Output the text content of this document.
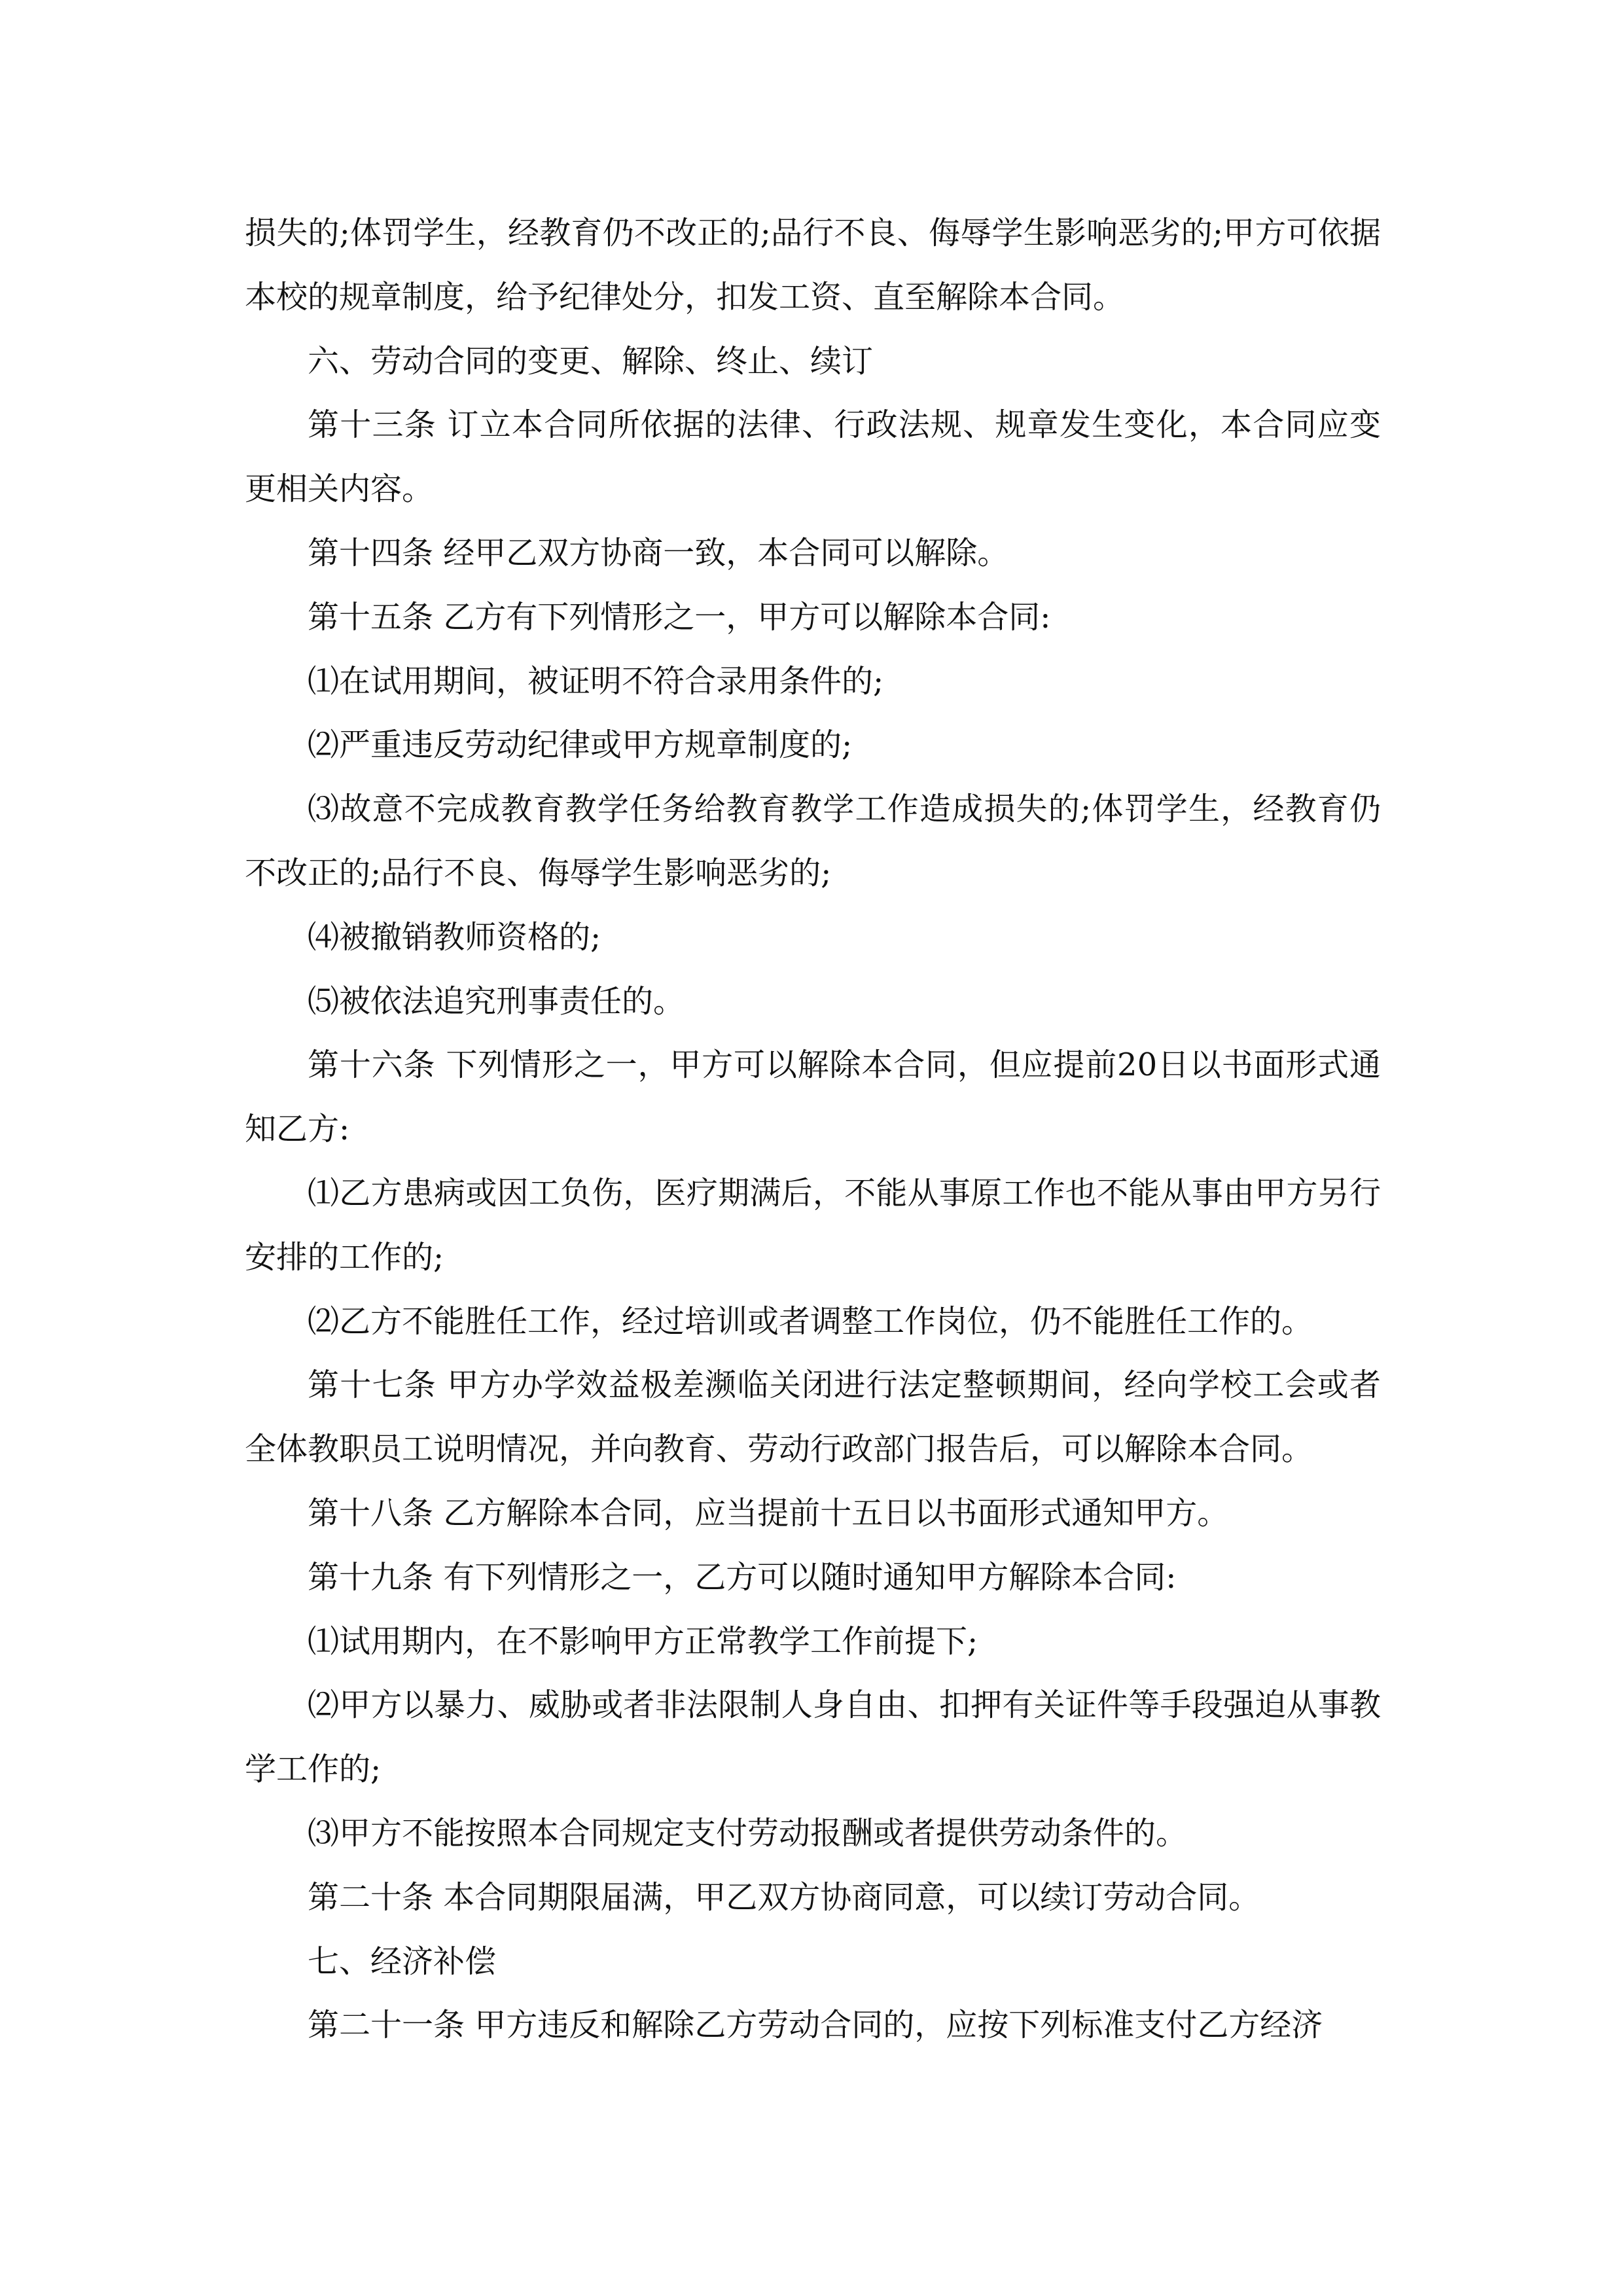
损失的;体罚学生，经教育仍不改正的;品行不良、侮辱学生影响恶劣的;甲方可依据本校的规章制度，给予纪律处分，扣发工资、直至解除本合同。

六、劳动合同的变更、解除、终止、续订

第十三条 订立本合同所依据的法律、行政法规、规章发生变化，本合同应变更相关内容。

第十四条 经甲乙双方协商一致，本合同可以解除。

第十五条 乙方有下列情形之一，甲方可以解除本合同:

⑴在试用期间，被证明不符合录用条件的;

⑵严重违反劳动纪律或甲方规章制度的;

⑶故意不完成教育教学任务给教育教学工作造成损失的;体罚学生，经教育仍不改正的;品行不良、侮辱学生影响恶劣的;

⑷被撤销教师资格的;

⑸被依法追究刑事责任的。

第十六条 下列情形之一，甲方可以解除本合同，但应提前20日以书面形式通知乙方:

⑴乙方患病或因工负伤，医疗期满后，不能从事原工作也不能从事由甲方另行安排的工作的;

⑵乙方不能胜任工作，经过培训或者调整工作岗位，仍不能胜任工作的。

第十七条 甲方办学效益极差濒临关闭进行法定整顿期间，经向学校工会或者全体教职员工说明情况，并向教育、劳动行政部门报告后，可以解除本合同。

第十八条 乙方解除本合同，应当提前十五日以书面形式通知甲方。

第十九条 有下列情形之一，乙方可以随时通知甲方解除本合同:

⑴试用期内，在不影响甲方正常教学工作前提下;

⑵甲方以暴力、威胁或者非法限制人身自由、扣押有关证件等手段强迫从事教学工作的;

⑶甲方不能按照本合同规定支付劳动报酬或者提供劳动条件的。

第二十条 本合同期限届满，甲乙双方协商同意，可以续订劳动合同。

七、经济补偿

第二十一条 甲方违反和解除乙方劳动合同的，应按下列标准支付乙方经济
